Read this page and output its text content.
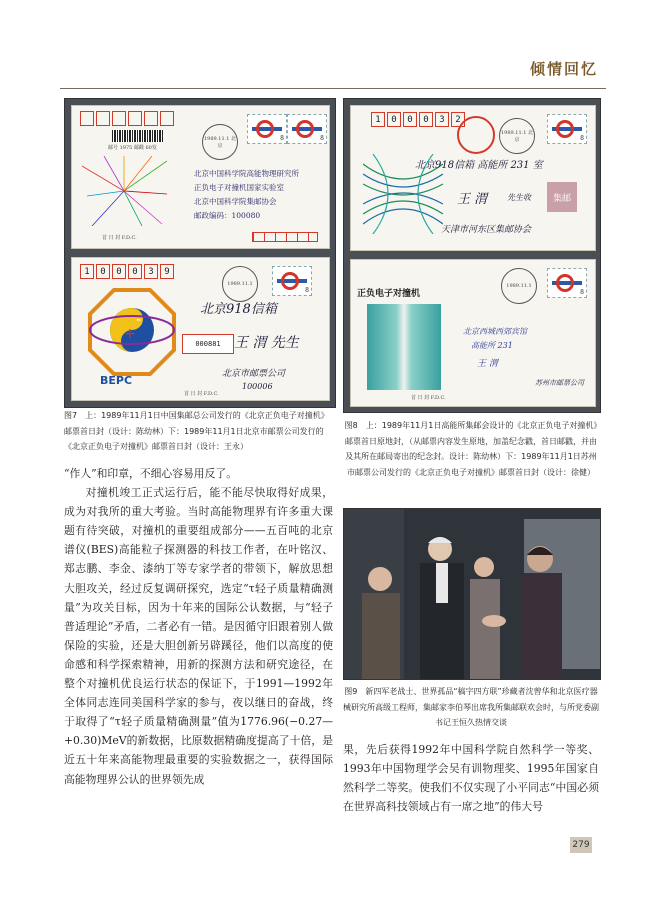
倾情回忆
邮号 1975 邮戳 60发
1989.11.1 北京
8	8
北京中国科学院高能物理研究所
正负电子对撞机国家实验室
北京中国科学院集邮协会
邮政编码：100080
首 日 封 F.D.C.
1	0	0	0	3	9
+
-
BEPC
1989.11.1
8
北京918信箱
000881 王 渭 先生
北京市邮票公司
100006
首 日 封 F.D.C.
图7　上：1989年11月1日中国集邮总公司发行的《北京正负电子对撞机》邮票首日封（设计：陈幼林）下：1989年11月1日北京市邮票公司发行的《北京正负电子对撞机》邮票首日封（设计：王永）
1	0	0	0	3	2
1989.11.1 北京	8
北京918信箱 高能所 231 室
王 渭 先生收	集邮
天津市河东区集邮协会
正负电子对撞机
1989.11.1
8
北京西城西郊宾馆
高能所 231
王 渭
苏州市邮票公司
首 日 封 F.D.C.
图8　上：1989年11月1日高能所集邮会设计的《北京正负电子对撞机》邮票首日原地封，（从邮票内容发生原地，加盖纪念戳，首日邮戳，并由及其所在邮局寄出的纪念封。设计：陈幼林）下：1989年11月1日苏州市邮票公司发行的《北京正负电子对撞机》邮票首日封（设计：徐健）
图9　新四军老战士、世界孤品“稿字四方联”珍藏者沈曾华和北京医疗器械研究所高级工程师，集邮家李伯琴出席我所集邮联欢会时，与所党委副书记王恒久热情交谈

“作人”和印章，不细心容易用反了。

对撞机竣工正式运行后，能不能尽快取得好成果，成为对我所的重大考验。当时高能物理界有许多重大课题有待突破，对撞机的重要组成部分——五百吨的北京谱仪(BES)高能粒子探测器的科技工作者，在叶铭汉、郑志鹏、李金、漆纳丁等专家学者的带领下，解放思想大胆攻关，经过反复调研探究，选定“τ轻子质量精确测量”为攻关目标，因为十年来的国际公认数据，与“轻子普适理论”矛盾，二者必有一错。是因循守旧跟着别人做保险的实验，还是大胆创新另辟蹊径，他们以高度的使命感和科学探索精神，用新的探测方法和研究途径，在整个对撞机优良运行状态的保证下，于1991—1992年全体同志连同美国科学家的参与，夜以继日的奋战，终于取得了“τ轻子质量精确测量”值为1776.96(−0.27—+0.30)MeV的新数据，比原数据精确度提高了十倍，是近五十年来高能物理最重要的实验数据之一，获得国际高能物理界公认的世界领先成

果，先后获得1992年中国科学院自然科学一等奖、1993年中国物理学会吴有训物理奖、1995年国家自然科学二等奖。使我们不仅实现了小平同志“中国必须在世界高科技领域占有一席之地”的伟大号

279
